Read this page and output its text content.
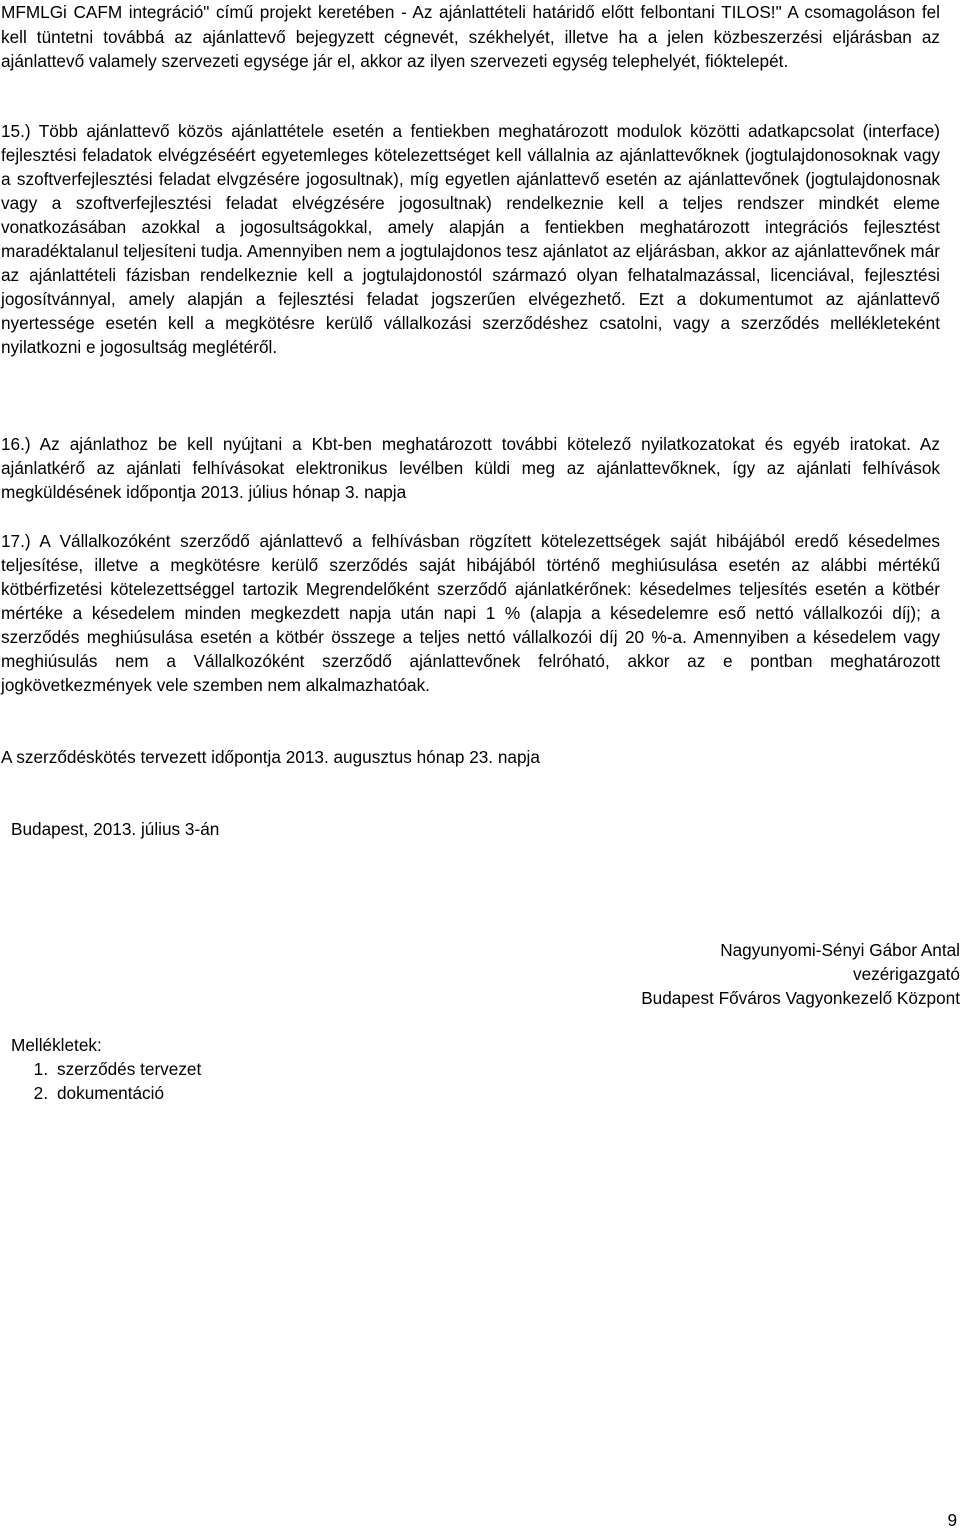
MFMLGi CAFM integráció" című projekt keretében - Az ajánlattételi határidő előtt felbontani TILOS!" A csomagoláson fel kell tüntetni továbbá az ajánlattevő bejegyzett cégnevét, székhelyét, illetve ha a jelen közbeszerzési eljárásban az ajánlattevő valamely szervezeti egysége jár el, akkor az ilyen szervezeti egység telephelyét, fióktelepét.

15.) Több ajánlattevő közös ajánlattétele esetén a fentiekben meghatározott modulok közötti adatkapcsolat (interface) fejlesztési feladatok elvégzéséért egyetemleges kötelezettséget kell vállalnia az ajánlattevőknek (jogtulajdonosoknak vagy a szoftverfejlesztési feladat elvgzésére jogosultnak), míg egyetlen ajánlattevő esetén az ajánlattevőnek (jogtulajdonosnak vagy a szoftverfejlesztési feladat elvégzésére jogosultnak) rendelkeznie kell a teljes rendszer mindkét eleme vonatkozásában azokkal a jogosultságokkal, amely alapján a fentiekben meghatározott integrációs fejlesztést maradéktalanul teljesíteni tudja. Amennyiben nem a jogtulajdonos tesz ajánlatot az eljárásban, akkor az ajánlattevőnek már az ajánlattételi fázisban rendelkeznie kell a jogtulajdonostól származó olyan felhatalmazással, licenciával, fejlesztési jogosítvánnyal, amely alapján a fejlesztési feladat jogszerűen elvégezhető. Ezt a dokumentumot az ajánlattevő nyertessége esetén kell a megkötésre kerülő vállalkozási szerződéshez csatolni, vagy a szerződés mellékleteként nyilatkozni e jogosultság meglétéről.

16.) Az ajánlathoz be kell nyújtani a Kbt-ben meghatározott további kötelező nyilatkozatokat és egyéb iratokat. Az ajánlatkérő az ajánlati felhívásokat elektronikus levélben küldi meg az ajánlattevőknek, így az ajánlati felhívások megküldésének időpontja 2013. július hónap 3. napja

17.) A Vállalkozóként szerződő ajánlattevő a felhívásban rögzített kötelezettségek saját hibájából eredő késedelmes teljesítése, illetve a megkötésre kerülő szerződés saját hibájából történő meghiúsulása esetén az alábbi mértékű kötbérfizetési kötelezettséggel tartozik Megrendelőként szerződő ajánlatkérőnek: késedelmes teljesítés esetén a kötbér mértéke a késedelem minden megkezdett napja után napi 1 % (alapja a késedelemre eső nettó vállalkozói díj); a szerződés meghiúsulása esetén a kötbér összege a teljes nettó vállalkozói díj 20 %-a. Amennyiben a késedelem vagy meghiúsulás nem a Vállalkozóként szerződő ajánlattevőnek felróható, akkor az e pontban meghatározott jogkövetkezmények vele szemben nem alkalmazhatóak.

A szerződéskötés tervezett időpontja 2013. augusztus hónap 23. napja

Budapest, 2013. július 3-án

Nagyunyomi-Sényi Gábor Antal
vezérigazgató
Budapest Főváros Vagyonkezelő Központ
Mellékletek:
1. szerződés tervezet
2. dokumentáció
9
